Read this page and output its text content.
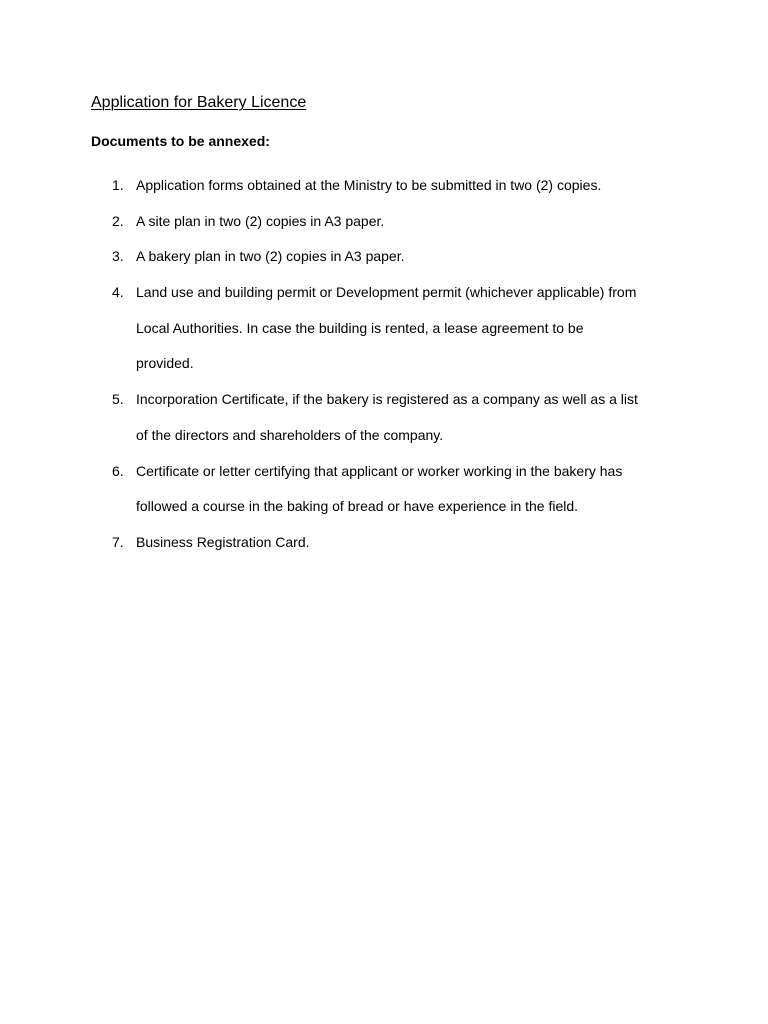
Application for Bakery Licence

Documents to be annexed:

1. Application forms obtained at the Ministry to be submitted in two (2) copies.
2. A site plan in two (2) copies in A3 paper.
3. A bakery plan in two (2) copies in A3 paper.
4. Land use and building permit or Development permit (whichever applicable) from
Local Authorities. In case the building is rented, a lease agreement to be
provided.
5. Incorporation Certificate, if the bakery is registered as a company as well as a list
of the directors and shareholders of the company.
6. Certificate or letter certifying that applicant or worker working in the bakery has
followed a course in the baking of bread or have experience in the field.
7. Business Registration Card.
